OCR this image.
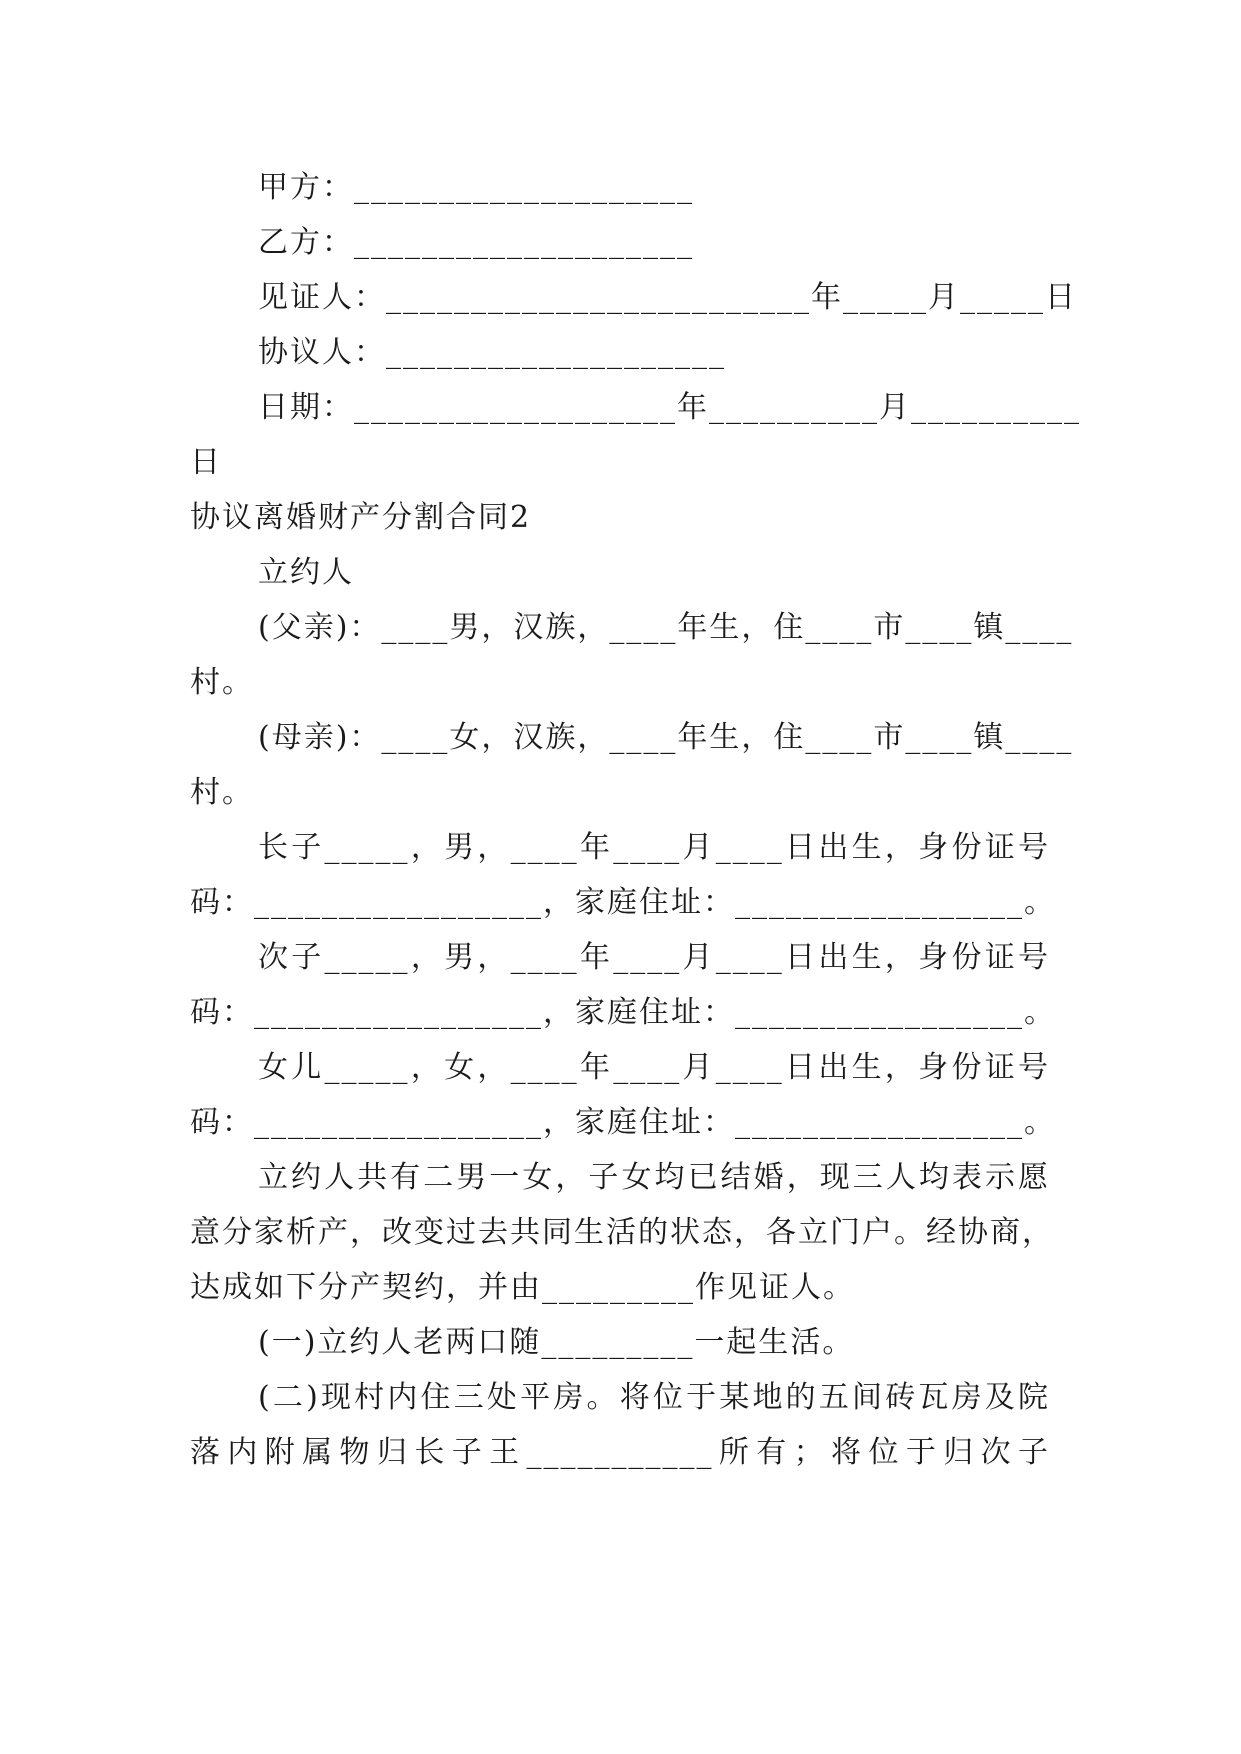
甲方：____________________
乙方：____________________
见证人：_________________________年_____月_____日
协议人：____________________
日期：___________________年__________月__________
日
协议离婚财产分割合同2
立约人
(父亲)：____男，汉族，____年生，住____市____镇____
村。
(母亲)：____女，汉族，____年生，住____市____镇____
村。
长子_____，男，____年____月____日出生，身份证号
码：_________________，家庭住址：_________________。
次子_____，男，____年____月____日出生，身份证号
码：_________________，家庭住址：_________________。
女儿_____，女，____年____月____日出生，身份证号
码：_________________，家庭住址：_________________。
立约人共有二男一女，子女均已结婚，现三人均表示愿
意分家析产，改变过去共同生活的状态，各立门户。经协商，
达成如下分产契约，并由_________作见证人。
(一)立约人老两口随_________一起生活。
(二)现村内住三处平房。将位于某地的五间砖瓦房及院
落内附属物归长子王___________所有；将位于归次子
